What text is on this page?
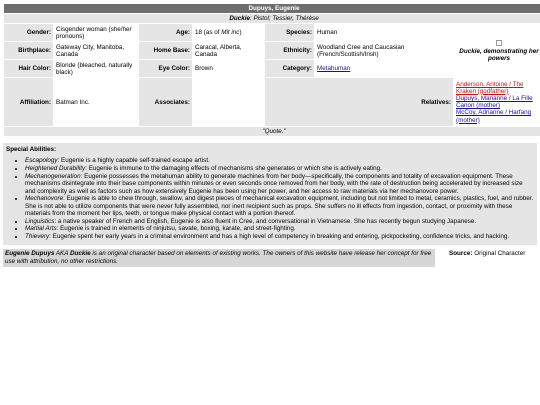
Dupuys, Eugenie						
Duckie: Pistol; Tessier, Thérèse						
Gender:	Cisgender woman (she/her pronouns)	Age:	18 (as of Mit inc)	Species:	Human	Duckie, demonstrating her powers

Birthplace:	Gateway City, Manitoba, Canada	Home Base:	Caracal, Alberta, Canada	Ethnicity:	Woodland Cree and Caucasian (French/Scottish/Irish)	
Hair Color:	Blonde (bleached, naturally black)	Eye Color:	Brown	Category:	Metahuman	
Affiliation:	Batman Inc.	Associates:		Relatives:		Anderson, Antoine / The Kraken (godfather)
Dupuys, Marianne / La Fille Canon (mother)
McCoy, Adrianne / Harfang (mother)
"Quote."						
Special Abilities:
• Escapology: Eugenie is a highly capable self-trained escape artist.
• Heightened Durability: Eugenie is immune to the damaging effects of mechanisms she generates or which she is actively eating.
• Mechanogeneration: Eugenie possesses the metahuman ability to generate machines from her body—specifically, the components and totality of excavation equipment. These mechanisms disintegrate into their base components within minutes or even seconds once removed from her body, with the rate of destruction being accelerated by increased size and complexity as well as factors such as how extensively Eugenie has been using her power, and her access to raw materials via her mechanovore power.
• Mechanovore: Eugenie is able to chew through, swallow, and digest pieces of mechanical excavation equipment, including but not limited to metal, ceramics, plastics, fuel, and rubber. She is not able to utilize components that were never fully assembled, nor inert recipient such as props. She suffers no ill effects from ingestion, contact, or proximity with these materials from the moment her lips, teeth, or tongue make physical contact with a portion thereof.
• Linguistics: a native speaker of French and English, Eugenie is also fluent in Cree, and conversational in Vietnamese. She has recently begun studying Japanese.
• Martial Arts: Eugenie is trained in elements of ninjutsu, savate, boxing, karate, and street-fighting.
• Thievery: Eugenie spent her early years in a criminal environment and has a high level of competency in breaking and entering, pickpocketing, confidence tricks, and hacking.
Eugenie Dupuys AKA Duckie is an original character based on elements of existing works. The owners of this website have release her concept for free use with attribution, no other restrictions.
Source: Original Character
